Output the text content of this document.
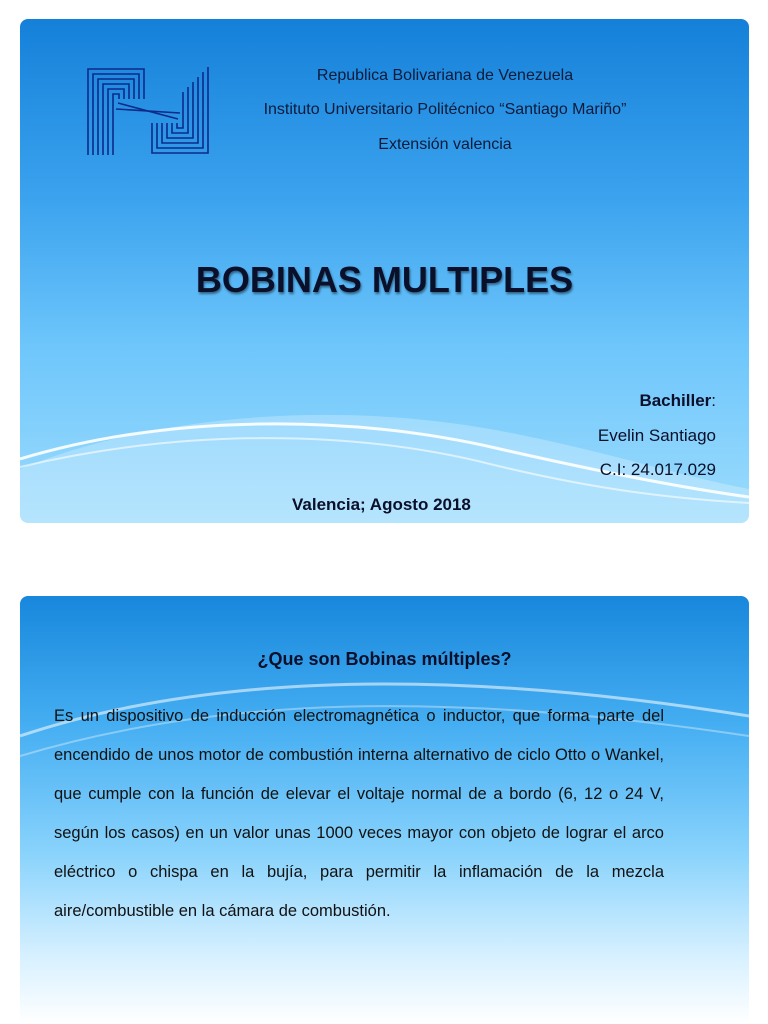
Republica Bolivariana de Venezuela
Instituto Universitario Politécnico “Santiago Mariño”
Extensión valencia
BOBINAS MULTIPLES
Bachiller:
Evelin Santiago
C.I: 24.017.029
Valencia; Agosto 2018
¿Que son Bobinas múltiples?
Es un dispositivo de inducción electromagnética o inductor, que forma parte del encendido de unos motor de combustión interna alternativo de ciclo Otto o Wankel, que cumple con la función de elevar el voltaje normal de a bordo (6, 12 o 24 V, según los casos) en un valor unas 1000 veces mayor con objeto de lograr el arco eléctrico o chispa en la bujía, para permitir la inflamación de la mezcla aire/combustible en la cámara de combustión.
